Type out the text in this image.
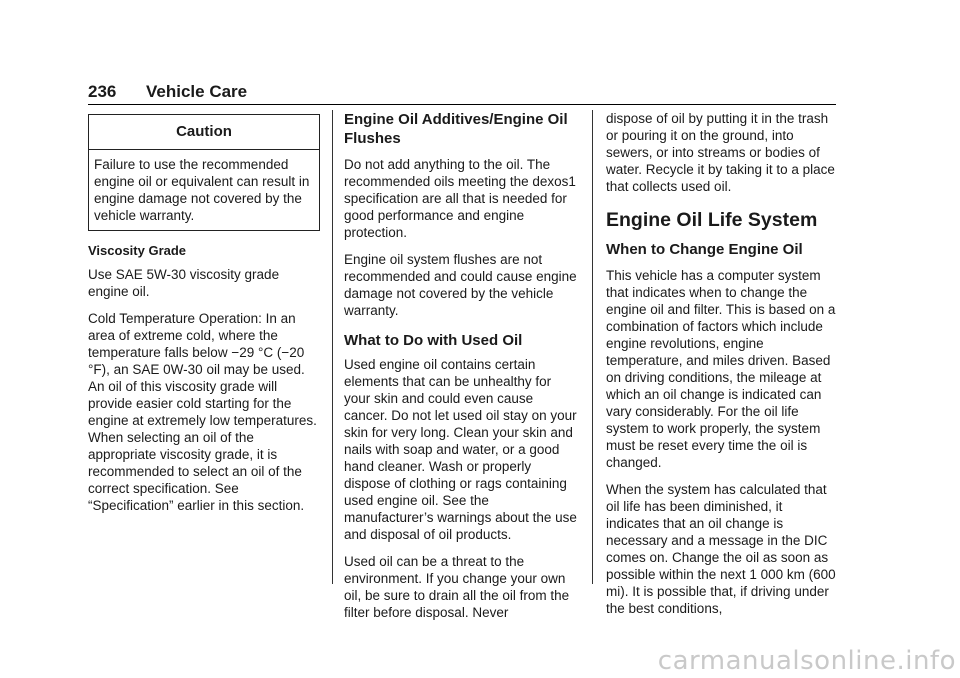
236 Vehicle Care
Caution
Failure to use the recommended engine oil or equivalent can result in engine damage not covered by the vehicle warranty.
Viscosity Grade

Use SAE 5W-30 viscosity grade engine oil.

Cold Temperature Operation: In an area of extreme cold, where the temperature falls below −29 °C (−20 °F), an SAE 0W-30 oil may be used. An oil of this viscosity grade will provide easier cold starting for the engine at extremely low temperatures. When selecting an oil of the appropriate viscosity grade, it is recommended to select an oil of the correct specification. See “Specification” earlier in this section.

Engine Oil Additives/Engine Oil Flushes

Do not add anything to the oil. The recommended oils meeting the dexos1 specification are all that is needed for good performance and engine protection.

Engine oil system flushes are not recommended and could cause engine damage not covered by the vehicle warranty.

What to Do with Used Oil

Used engine oil contains certain elements that can be unhealthy for your skin and could even cause cancer. Do not let used oil stay on your skin for very long. Clean your skin and nails with soap and water, or a good hand cleaner. Wash or properly dispose of clothing or rags containing used engine oil. See the manufacturer’s warnings about the use and disposal of oil products.

Used oil can be a threat to the environment. If you change your own oil, be sure to drain all the oil from the filter before disposal. Never

dispose of oil by putting it in the trash or pouring it on the ground, into sewers, or into streams or bodies of water. Recycle it by taking it to a place that collects used oil.

Engine Oil Life System
When to Change Engine Oil

This vehicle has a computer system that indicates when to change the engine oil and filter. This is based on a combination of factors which include engine revolutions, engine temperature, and miles driven. Based on driving conditions, the mileage at which an oil change is indicated can vary considerably. For the oil life system to work properly, the system must be reset every time the oil is changed.

When the system has calculated that oil life has been diminished, it indicates that an oil change is necessary and a message in the DIC comes on. Change the oil as soon as possible within the next 1 000 km (600 mi). It is possible that, if driving under the best conditions,

carmanualsonline.info
